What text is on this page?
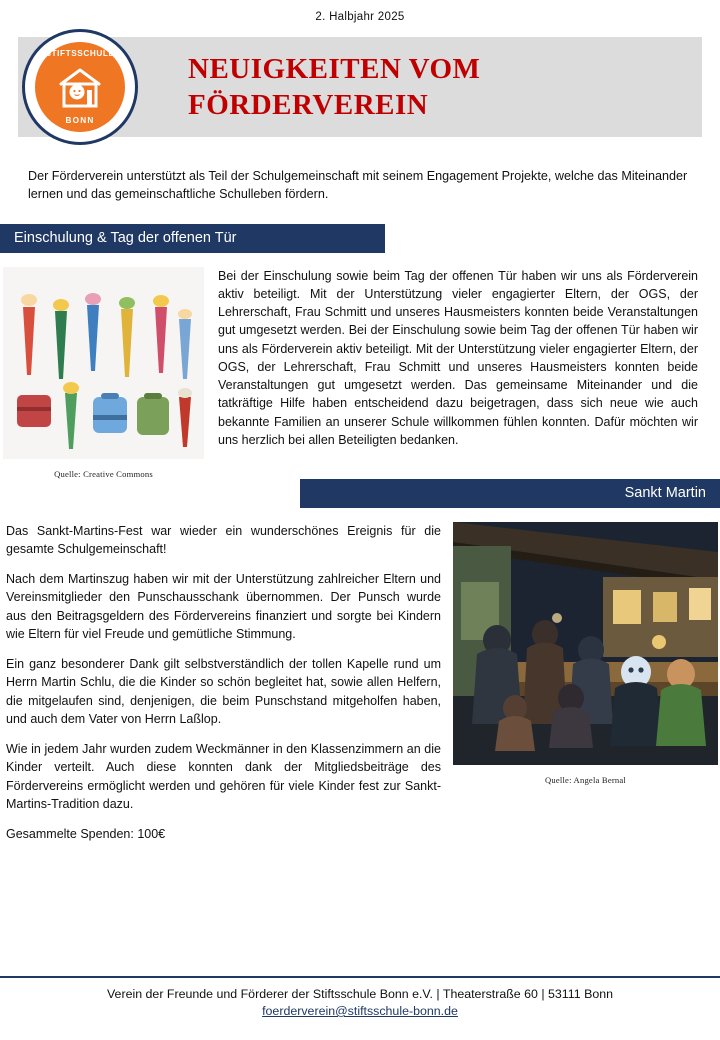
2. Halbjahr 2025
STIFTSSCHULE
BONN
NEUIGKEITEN VOM
FÖRDERVEREIN
Der Förderverein unterstützt als Teil der Schulgemeinschaft mit seinem Engagement Projekte, welche das Miteinander lernen und das gemeinschaftliche Schulleben fördern.
Einschulung & Tag der offenen Tür
Quelle: Creative Commons
Bei der Einschulung sowie beim Tag der offenen Tür haben wir uns als Förderverein aktiv beteiligt. Mit der Unterstützung vieler engagierter Eltern, der OGS, der Lehrerschaft, Frau Schmitt und unseres Hausmeisters konnten beide Veranstaltungen gut umgesetzt werden. Bei der Einschulung sowie beim Tag der offenen Tür haben wir uns als Förderverein aktiv beteiligt. Mit der Unterstützung vieler engagierter Eltern, der OGS, der Lehrerschaft, Frau Schmitt und unseres Hausmeisters konnten beide Veranstaltungen gut umgesetzt werden. Das gemeinsame Miteinander und die tatkräftige Hilfe haben entscheidend dazu beigetragen, dass sich neue wie auch bekannte Familien an unserer Schule willkommen fühlen konnten. Dafür möchten wir uns herzlich bei allen Beteiligten bedanken.
Sankt Martin

Das Sankt-Martins-Fest war wieder ein wunderschönes Ereignis für die gesamte Schulgemeinschaft!

Nach dem Martinszug haben wir mit der Unterstützung zahlreicher Eltern und Vereinsmitglieder den Punschausschank übernommen. Der Punsch wurde aus den Beitragsgeldern des Fördervereins finanziert und sorgte bei Kindern wie Eltern für viel Freude und gemütliche Stimmung.

Ein ganz besonderer Dank gilt selbstverständlich der tollen Kapelle rund um Herrn Martin Schlu, die die Kinder so schön begleitet hat, sowie allen Helfern, die mitgelaufen sind, denjenigen, die beim Punschstand mitgeholfen haben, und auch dem Vater von Herrn Laßlop.

Wie in jedem Jahr wurden zudem Weckmänner in den Klassenzimmern an die Kinder verteilt. Auch diese konnten dank der Mitgliedsbeiträge des Fördervereins ermöglicht werden und gehören für viele Kinder fest zur Sankt-Martins-Tradition dazu.

Gesammelte Spenden: 100€

Quelle: Angela Bernal
Verein der Freunde und Förderer der Stiftsschule Bonn e.V. | Theaterstraße 60 | 53111 Bonn
foerderverein@stiftsschule-bonn.de
